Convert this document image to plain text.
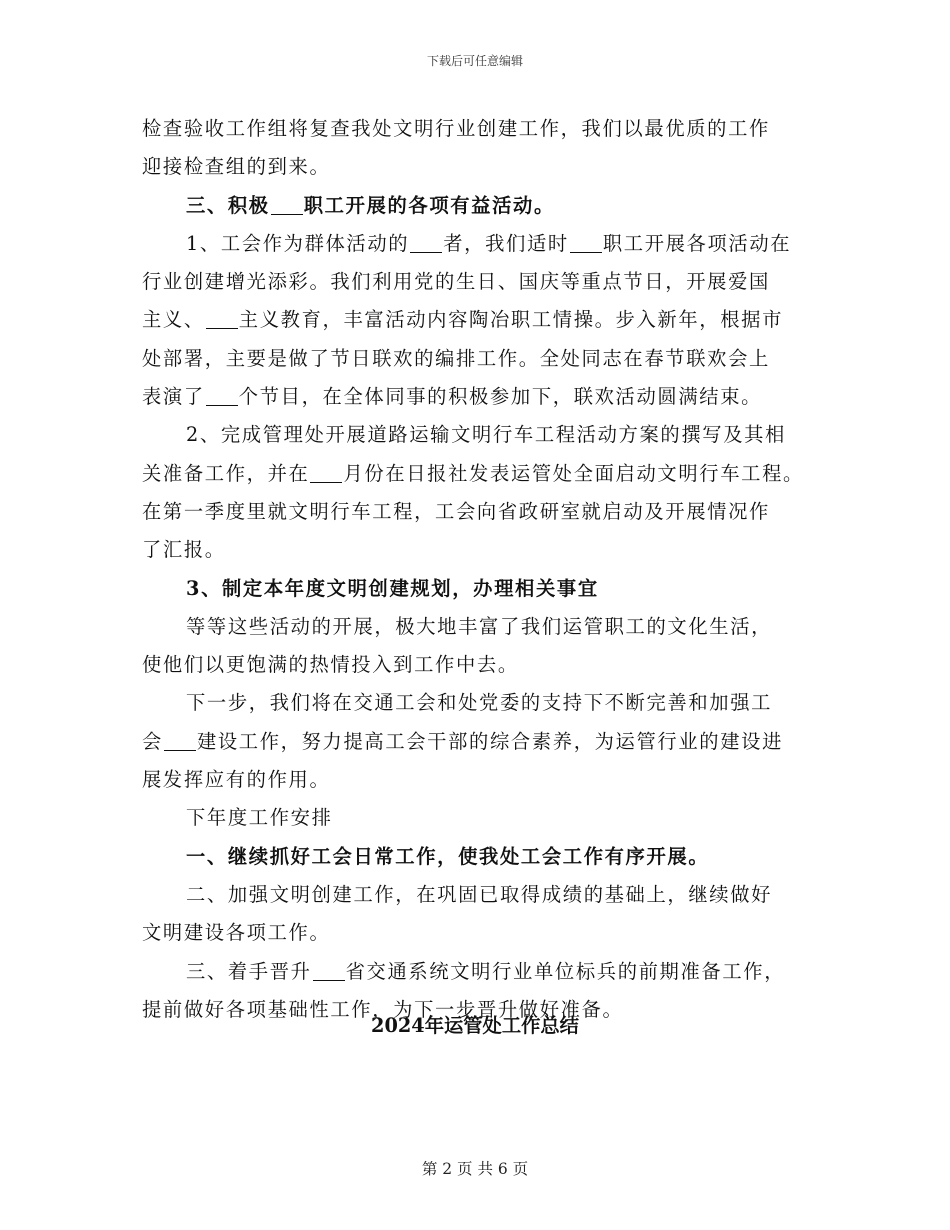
下载后可任意编辑
检查验收工作组将复查我处文明行业创建工作，我们以最优质的工作
迎接检查组的到来。
三、积极 职工开展的各项有益活动。
1、工会作为群体活动的 者，我们适时 职工开展各项活动在
行业创建增光添彩。我们利用党的生日、国庆等重点节日，开展爱国
主义、 主义教育，丰富活动内容陶冶职工情操。步入新年，根据市
处部署，主要是做了节日联欢的编排工作。全处同志在春节联欢会上
表演了 个节目，在全体同事的积极参加下，联欢活动圆满结束。
2、完成管理处开展道路运输文明行车工程活动方案的撰写及其相
关准备工作，并在 月份在日报社发表运管处全面启动文明行车工程。
在第一季度里就文明行车工程，工会向省政研室就启动及开展情况作
了汇报。
3、制定本年度文明创建规划，办理相关事宜
等等这些活动的开展，极大地丰富了我们运管职工的文化生活，
使他们以更饱满的热情投入到工作中去。
下一步，我们将在交通工会和处党委的支持下不断完善和加强工
会 建设工作，努力提高工会干部的综合素养，为运管行业的建设进
展发挥应有的作用。
下年度工作安排
一、继续抓好工会日常工作，使我处工会工作有序开展。
二、加强文明创建工作，在巩固已取得成绩的基础上，继续做好
文明建设各项工作。
三、着手晋升 省交通系统文明行业单位标兵的前期准备工作，
提前做好各项基础性工作，为下一步晋升做好准备。
2024年运管处工作总结
第 2 页 共 6 页
